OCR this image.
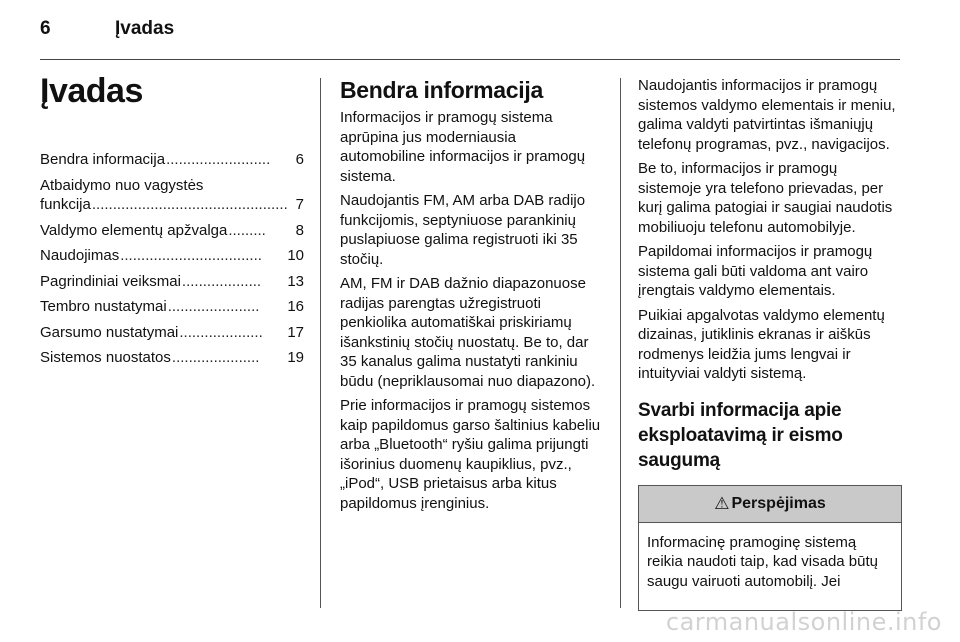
6	Įvadas
Įvadas
Bendra informacija .........................	6
Atbaidymo nuo vagystės
funkcija ............................................... 7
Valdymo elementų apžvalga .........	8
Naudojimas ..................................	10
Pagrindiniai veiksmai ...................	13
Tembro nustatymai ......................	16
Garsumo nustatymai ....................	17
Sistemos nuostatos .....................	19
Bendra informacija

Informacijos ir pramogų sistema aprūpina jus moderniausia automobiline informacijos ir pramogų sistema.

Naudojantis FM, AM arba DAB radijo funkcijomis, septyniuose parankinių puslapiuose galima registruoti iki 35 stočių.

AM, FM ir DAB dažnio diapazonuose radijas parengtas užregistruoti penkiolika automatiškai priskiriamų išankstinių stočių nuostatų. Be to, dar 35 kanalus galima nustatyti rankiniu būdu (nepriklausomai nuo diapazono).

Prie informacijos ir pramogų sistemos kaip papildomus garso šaltinius kabeliu arba „Bluetooth“ ryšiu galima prijungti išorinius duomenų kaupiklius, pvz., „iPod“, USB prietaisus arba kitus papildomus įrenginius.

Naudojantis informacijos ir pramogų sistemos valdymo elementais ir meniu, galima valdyti patvirtintas išmaniųjų telefonų programas, pvz., navigacijos.

Be to, informacijos ir pramogų sistemoje yra telefono prievadas, per kurį galima patogiai ir saugiai naudotis mobiliuoju telefonu automobilyje.

Papildomai informacijos ir pramogų sistema gali būti valdoma ant vairo įrengtais valdymo elementais.

Puikiai apgalvotas valdymo elementų dizainas, jutiklinis ekranas ir aiškūs rodmenys leidžia jums lengvai ir intuityviai valdyti sistemą.

Svarbi informacija apie eksploatavimą ir eismo saugumą
⚠ Perspėjimas
Informacinę pramoginę sistemą reikia naudoti taip, kad visada būtų saugu vairuoti automobilį. Jei
carmanualsonline.info
